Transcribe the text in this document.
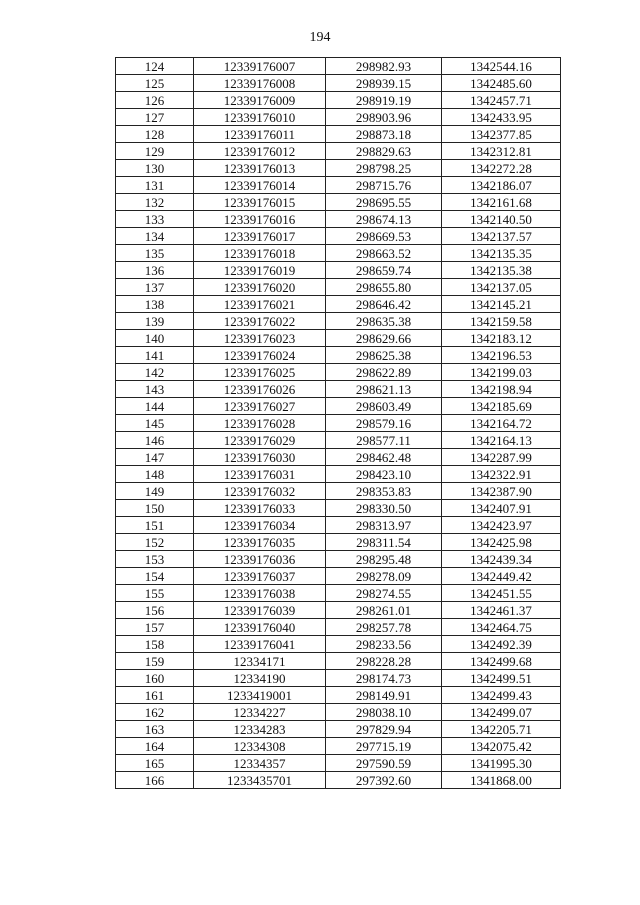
194
124	12339176007	298982.93	1342544.16
125	12339176008	298939.15	1342485.60
126	12339176009	298919.19	1342457.71
127	12339176010	298903.96	1342433.95
128	12339176011	298873.18	1342377.85
129	12339176012	298829.63	1342312.81
130	12339176013	298798.25	1342272.28
131	12339176014	298715.76	1342186.07
132	12339176015	298695.55	1342161.68
133	12339176016	298674.13	1342140.50
134	12339176017	298669.53	1342137.57
135	12339176018	298663.52	1342135.35
136	12339176019	298659.74	1342135.38
137	12339176020	298655.80	1342137.05
138	12339176021	298646.42	1342145.21
139	12339176022	298635.38	1342159.58
140	12339176023	298629.66	1342183.12
141	12339176024	298625.38	1342196.53
142	12339176025	298622.89	1342199.03
143	12339176026	298621.13	1342198.94
144	12339176027	298603.49	1342185.69
145	12339176028	298579.16	1342164.72
146	12339176029	298577.11	1342164.13
147	12339176030	298462.48	1342287.99
148	12339176031	298423.10	1342322.91
149	12339176032	298353.83	1342387.90
150	12339176033	298330.50	1342407.91
151	12339176034	298313.97	1342423.97
152	12339176035	298311.54	1342425.98
153	12339176036	298295.48	1342439.34
154	12339176037	298278.09	1342449.42
155	12339176038	298274.55	1342451.55
156	12339176039	298261.01	1342461.37
157	12339176040	298257.78	1342464.75
158	12339176041	298233.56	1342492.39
159	12334171	298228.28	1342499.68
160	12334190	298174.73	1342499.51
161	1233419001	298149.91	1342499.43
162	12334227	298038.10	1342499.07
163	12334283	297829.94	1342205.71
164	12334308	297715.19	1342075.42
165	12334357	297590.59	1341995.30
166	1233435701	297392.60	1341868.00
